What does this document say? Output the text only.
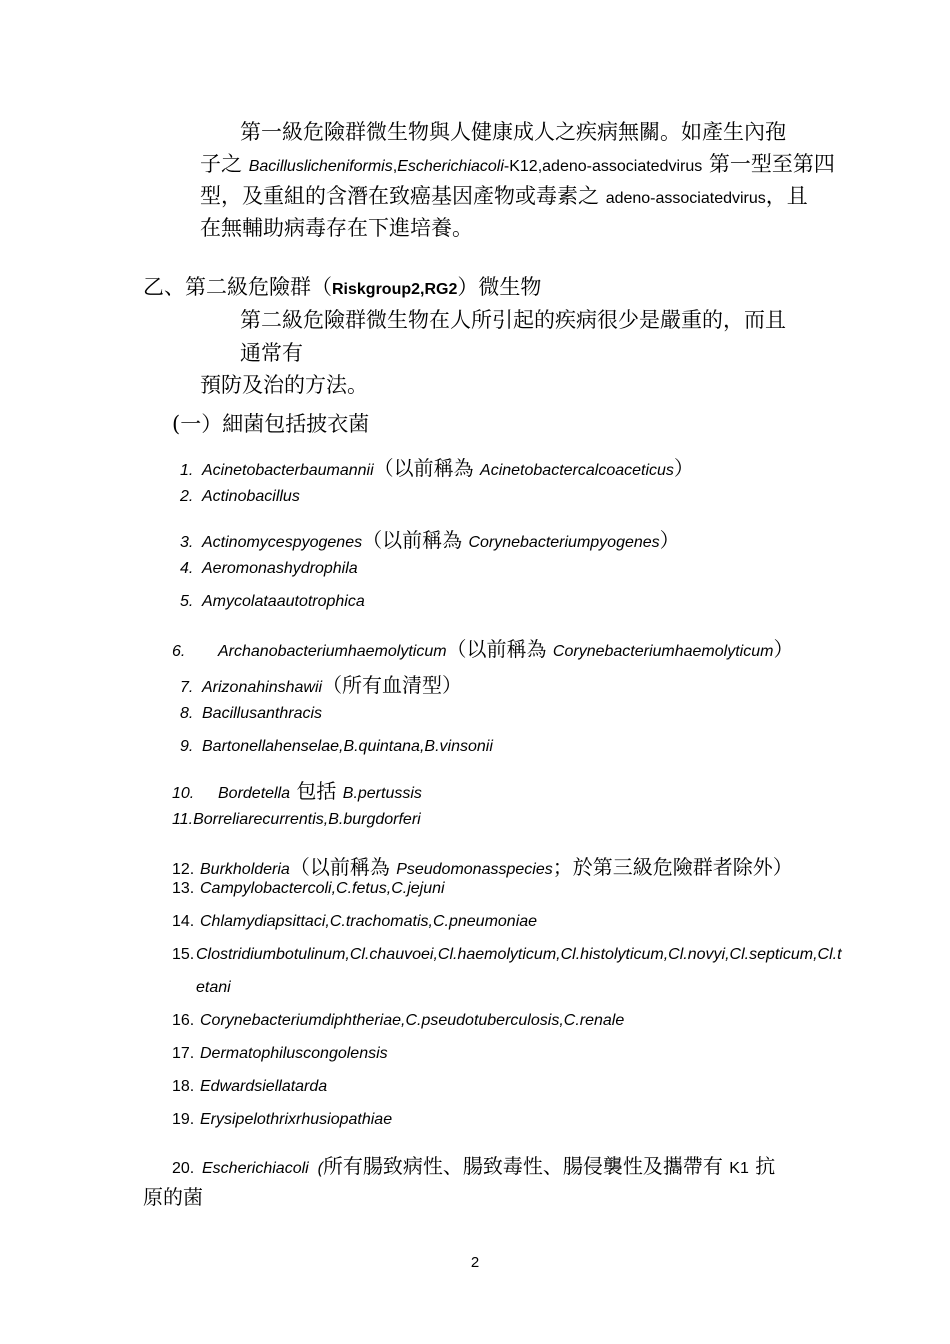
第一級危險群微生物與人健康成人之疾病無關。如產生內孢
子之 Bacilluslicheniformis,Escherichiacoli-K12,adeno-associatedvirus 第一型至第四
型，及重組的含潛在致癌基因產物或毒素之 adeno-associatedvirus，且
在無輔助病毒存在下進培養。
乙、第二級危險群（Riskgroup2,RG2）微生物
第二級危險群微生物在人所引起的疾病很少是嚴重的，而且
通常有
預防及治的方法。
(一）細菌包括披衣菌
1. Acinetobacterbaumannii（以前稱為 Acinetobactercalcoaceticus）
2. Actinobacillus
3. Actinomycespyogenes（以前稱為 Corynebacteriumpyogenes）
4. Aeromonashydrophila
5. Amycolataautotrophica
6. Archanobacteriumhaemolyticum（以前稱為 Corynebacteriumhaemolyticum）
7. Arizonahinshawii（所有血清型）
8. Bacillusanthracis
9. Bartonellahenselae,B.quintana,B.vinsonii
10. Bordetella 包括 B.pertussis
11.Borreliarecurrentis,B.burgdorferi
12. Burkholderia（以前稱為 Pseudomonasspecies；於第三級危險群者除外）
13. Campylobactercoli,C.fetus,C.jejuni
14. Chlamydiapsittaci,C.trachomatis,C.pneumoniae
15. Clostridiumbotulinum,Cl.chauvoei,Cl.haemolyticum,Cl.histolyticum,Cl.novyi,Cl.septicum,Cl.t
etani
16. Corynebacteriumdiphtheriae,C.pseudotuberculosis,C.renale
17. Dermatophiluscongolensis
18. Edwardsiellatarda
19. Erysipelothrixrhusiopathiae
20. Escherichiacoli  (所有腸致病性、腸致毒性、腸侵襲性及攜帶有 K1 抗
原的菌
2
